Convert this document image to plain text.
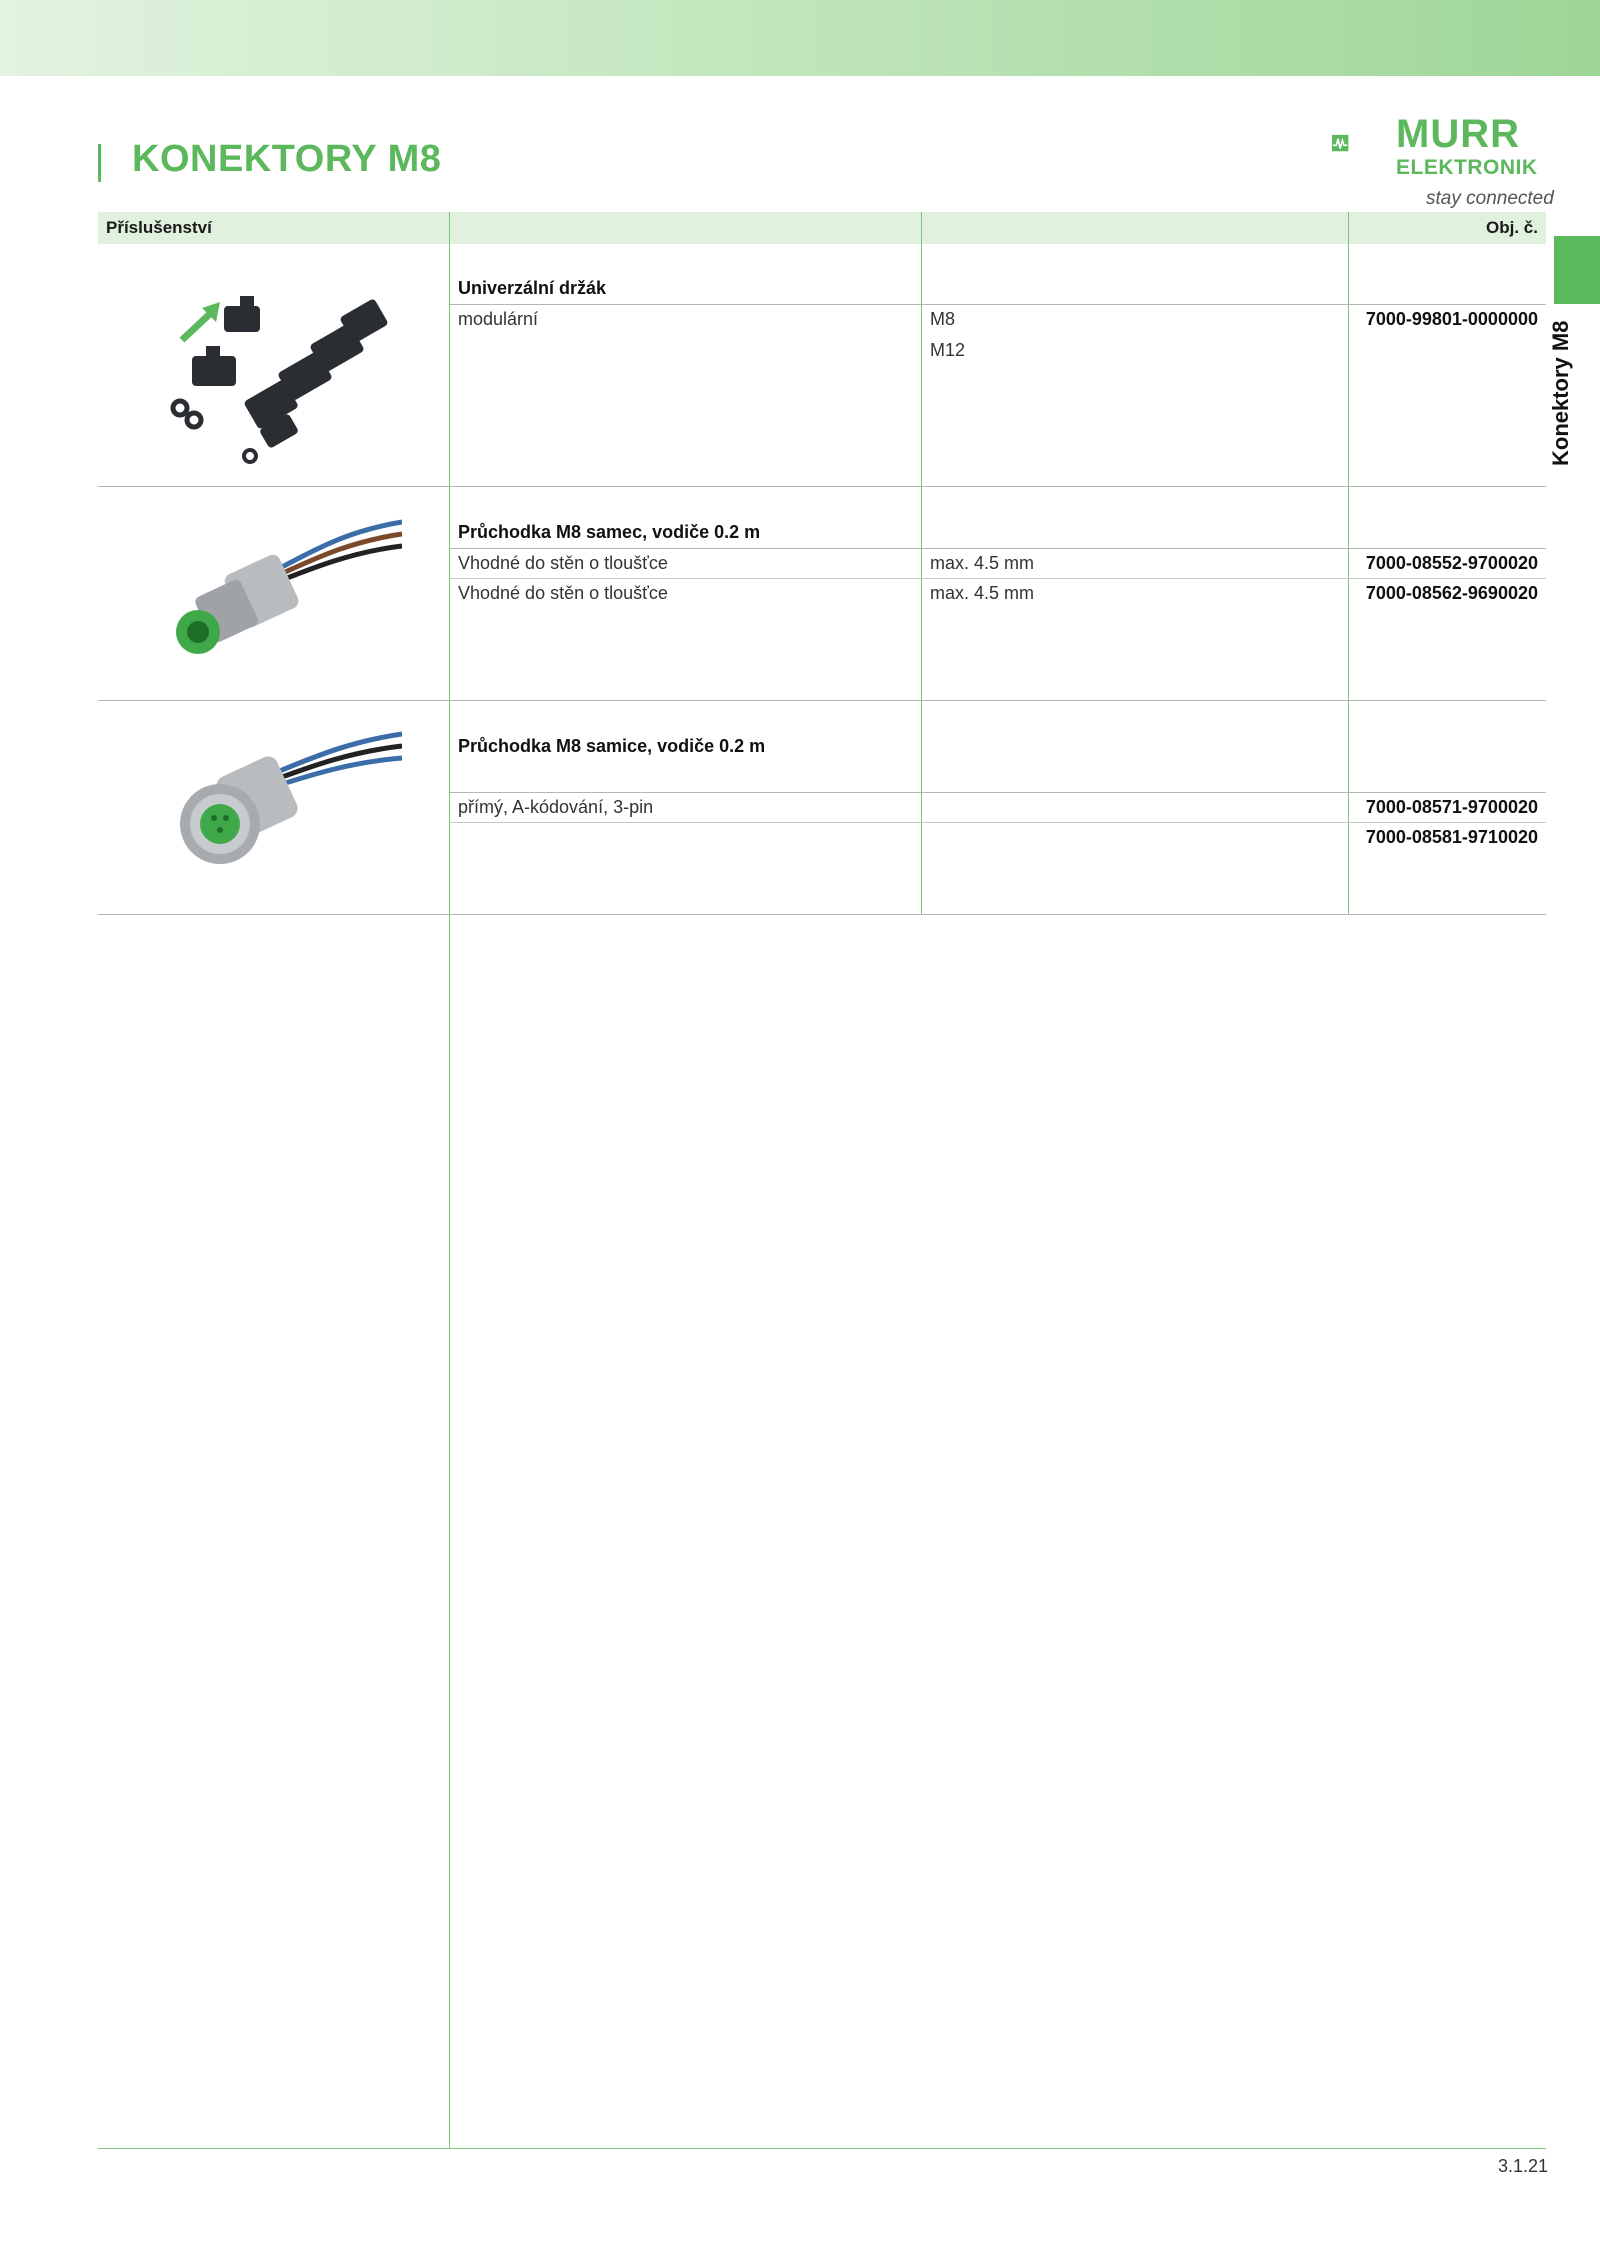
KONEKTORY M8
MURR
ELEKTRONIK
stay connected
Konektory M8
Příslušenství	Obj. č.
Univerzální držák
modulární	M8	7000-99801-0000000
M12
Průchodka M8 samec, vodiče 0.2 m
Vhodné do stěn o tloušťce	max. 4.5 mm	7000-08552-9700020
Vhodné do stěn o tloušťce	max. 4.5 mm	7000-08562-9690020
Průchodka M8 samice, vodiče 0.2 m
přímý, A-kódování, 3-pin	7000-08571-9700020
7000-08581-9710020
3.1.21
